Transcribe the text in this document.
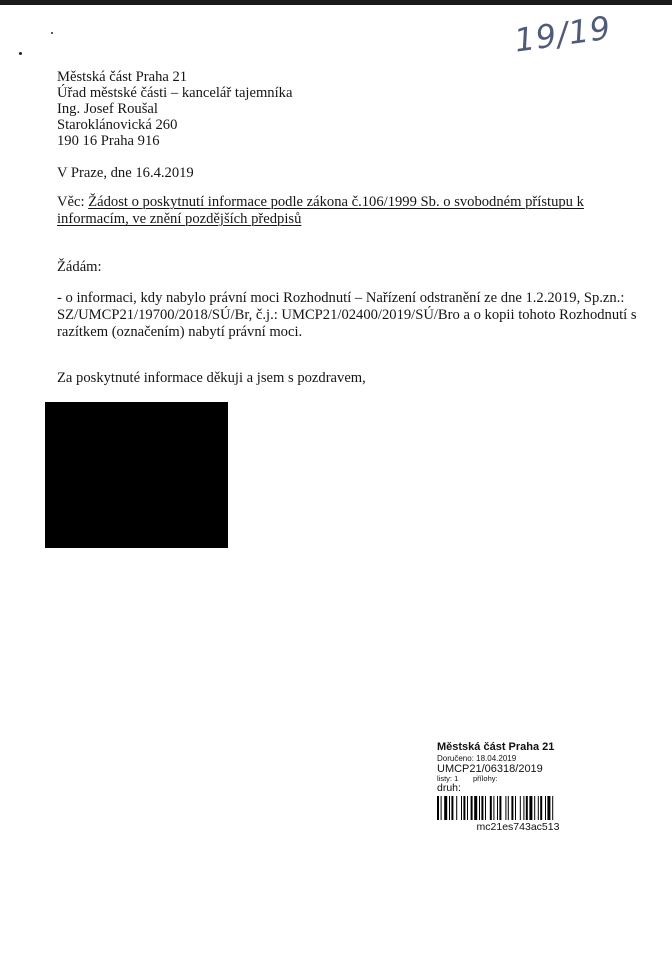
19/19
Městská část Praha 21
Úřad městské části – kancelář tajemníka
Ing. Josef Roušal
Staroklánovická 260
190 16 Praha 916
V Praze, dne 16.4.2019
Věc: Žádost o poskytnutí informace podle zákona č.106/1999 Sb. o svobodném přístupu k
informacím, ve znění pozdějších předpisů
Žádám:
- o informaci, kdy nabylo právní moci Rozhodnutí – Nařízení odstranění ze dne 1.2.2019, Sp.zn.:
SZ/UMCP21/19700/2018/SÚ/Br, č.j.: UMCP21/02400/2019/SÚ/Bro a o kopii tohoto Rozhodnutí s
razítkem (označením) nabytí právní moci.
Za poskytnuté informace děkuji a jsem s pozdravem,
Městská část Praha 21
Doručeno: 18.04.2019
UMCP21/06318/2019
listy: 1	přílohy:
druh:
mc21es743ac513
